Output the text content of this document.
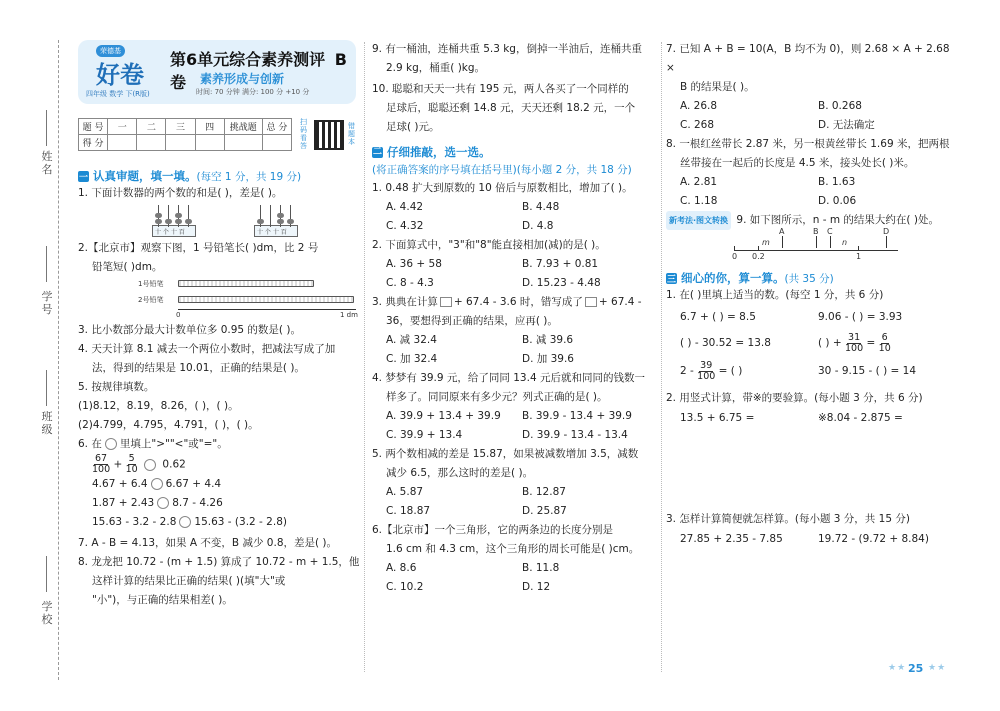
姓名
学号
班级
学校
荣德基
好卷
四年级 数学 下(R版)
第6单元综合素养测评 B卷	素养形成与创新
时间: 70 分钟 满分: 100 分 +10 分
题 号	一	二	三	四	挑战题	总 分
得 分						
扫码看答
错题本
一 认真审题，填一填。 (每空 1 分，共 19 分)
1. 下面计数器的两个数的和是( )，差是( )。
十 个 十 百	十 个 十 百
2.【北京市】观察下图，1 号铅笔长( )dm，比 2 号
铅笔短( )dm。
1号铅笔
2号铅笔
0	1 dm
3. 比小数部分最大计数单位多 0.95 的数是( )。
4. 天天计算 8.1 减去一个两位小数时，把减法写成了加
法，得到的结果是 10.01，正确的结果是( )。
5. 按规律填数。
(1)8.12，8.19，8.26，( )，( )。
(2)4.799，4.795，4.791，( )，( )。
6. 在 里填上">""<"或"="。
$\frac{67}{100} + \frac{5}{10} 0.62$
4.67 + 6.4 6.67 + 4.4
1.87 + 2.43 8.7 - 4.26
15.63 - 3.2 - 2.8 15.63 - (3.2 - 2.8)
7. A - B = 4.13，如果 A 不变，B 减少 0.8，差是( )。
8. 龙龙把 10.72 - (m + 1.5) 算成了 10.72 - m + 1.5，他
这样计算的结果比正确的结果( )(填"大"或
"小")，与正确的结果相差( )。
9. 有一桶油，连桶共重 5.3 kg，倒掉一半油后，连桶共重
2.9 kg，桶重( )kg。
10. 聪聪和天天一共有 195 元，两人各买了一个同样的
足球后，聪聪还剩 14.8 元，天天还剩 18.2 元，一个
足球( )元。
二 仔细推敲，选一选。
(将正确答案的序号填在括号里)(每小题 2 分，共 18 分)
1. 0.48 扩大到原数的 10 倍后与原数相比，增加了( )。
A. 4.42	B. 4.48
C. 4.32	D. 4.8
2. 下面算式中，"3"和"8"能直接相加(减)的是( )。
A. 36 + 58	B. 7.93 + 0.81
C. 8 - 4.3	D. 15.23 - 4.48
3. 典典在计算 + 67.4 - 3.6 时，错写成了 + 67.4 -
36，要想得到正确的结果，应再( )。
A. 减 32.4	B. 减 39.6
C. 加 32.4	D. 加 39.6
4. 梦梦有 39.9 元，给了同同 13.4 元后就和同同的钱数一
样多了。同同原来有多少元？列式正确的是( )。
A. 39.9 + 13.4 + 39.9	B. 39.9 - 13.4 + 39.9
C. 39.9 + 13.4	D. 39.9 - 13.4 - 13.4
5. 两个数相减的差是 15.87，如果被减数增加 3.5，减数
减少 6.5，那么这时的差是( )。
A. 5.87	B. 12.87
C. 18.87	D. 25.87
6.【北京市】一个三角形，它的两条边的长度分别是
1.6 cm 和 4.3 cm，这个三角形的周长可能是( )cm。
A. 8.6	B. 11.8
C. 10.2	D. 12
7. 已知 A + B = 10(A，B 均不为 0)，则 2.68 × A + 2.68 ×
B 的结果是( )。
A. 26.8	B. 0.268
C. 268	D. 无法确定
8. 一根红丝带长 2.87 米，另一根黄丝带长 1.69 米，把两根
丝带接在一起后的长度是 4.5 米，接头处长( )米。
A. 2.81	B. 1.63
C. 1.18	D. 0.06
新考法·图文转换 9. 如下图所示，n - m 的结果大约在( )处。
0 0.2	1
m	n
A	B C	D
三 细心的你，算一算。 (共 35 分)
1. 在( )里填上适当的数。(每空 1 分，共 6 分)
6.7 + ( ) = 8.5	9.06 - ( ) = 3.93
( ) - 30.52 = 13.8	( ) + $\frac{31}{100} = \frac{6}{10}$
$2 - \frac{39}{100}$ = ( )	30 - 9.15 - ( ) = 14
2. 用竖式计算，带※的要验算。(每小题 3 分，共 6 分)
13.5 + 6.75 =	※8.04 - 2.875 =
3. 怎样计算简便就怎样算。(每小题 3 分，共 15 分)
27.85 + 2.35 - 7.85	19.72 - (9.72 + 8.84)
★★ 25 ★★
